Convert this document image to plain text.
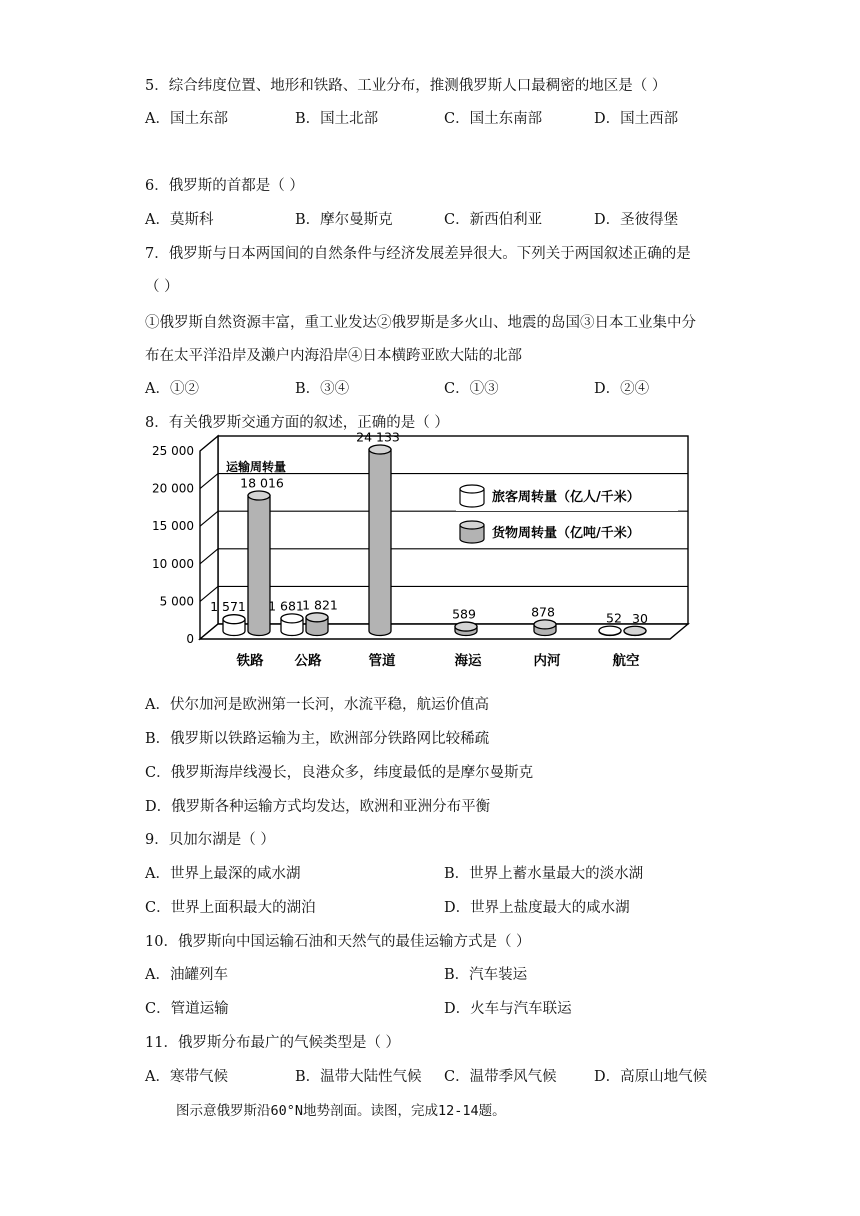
5．综合纬度位置、地形和铁路、工业分布，推测俄罗斯人口最稠密的地区是（ ）
A．国土东部	B．国土北部	C．国土东南部	D．国土西部
6．俄罗斯的首都是（ ）
A．莫斯科	B．摩尔曼斯克	C．新西伯利亚	D．圣彼得堡
7．俄罗斯与日本两国间的自然条件与经济发展差异很大。下列关于两国叙述正确的是
（ ）
①俄罗斯自然资源丰富，重工业发达②俄罗斯是多火山、地震的岛国③日本工业集中分
布在太平洋沿岸及濑户内海沿岸④日本横跨亚欧大陆的北部
A．①②	B．③④	C．①③	D．②④
8．有关俄罗斯交通方面的叙述，正确的是（ ）
0
5 000
10 000
15 000
20 000
25 000
1 571
18 016
1 681
1 821
24 133
589	878	52 30
铁路 公路	管道	海运	内河	航空
旅客周转量（亿人/千米）
货物周转量（亿吨/千米）
运输周转量
A．伏尔加河是欧洲第一长河，水流平稳，航运价值高
B．俄罗斯以铁路运输为主，欧洲部分铁路网比较稀疏
C．俄罗斯海岸线漫长，良港众多，纬度最低的是摩尔曼斯克
D．俄罗斯各种运输方式均发达，欧洲和亚洲分布平衡
9．贝加尔湖是（ ）
A．世界上最深的咸水湖	B．世界上蓄水量最大的淡水湖
C．世界上面积最大的湖泊	D．世界上盐度最大的咸水湖
10．俄罗斯向中国运输石油和天然气的最佳运输方式是（ ）
A．油罐列车	B．汽车装运
C．管道运输	D．火车与汽车联运
11．俄罗斯分布最广的气候类型是（ ）
A．寒带气候	B．温带大陆性气候 C．温带季风气候	D．高原山地气候
图示意俄罗斯沿60°N地势剖面。读图，完成12-14题。
